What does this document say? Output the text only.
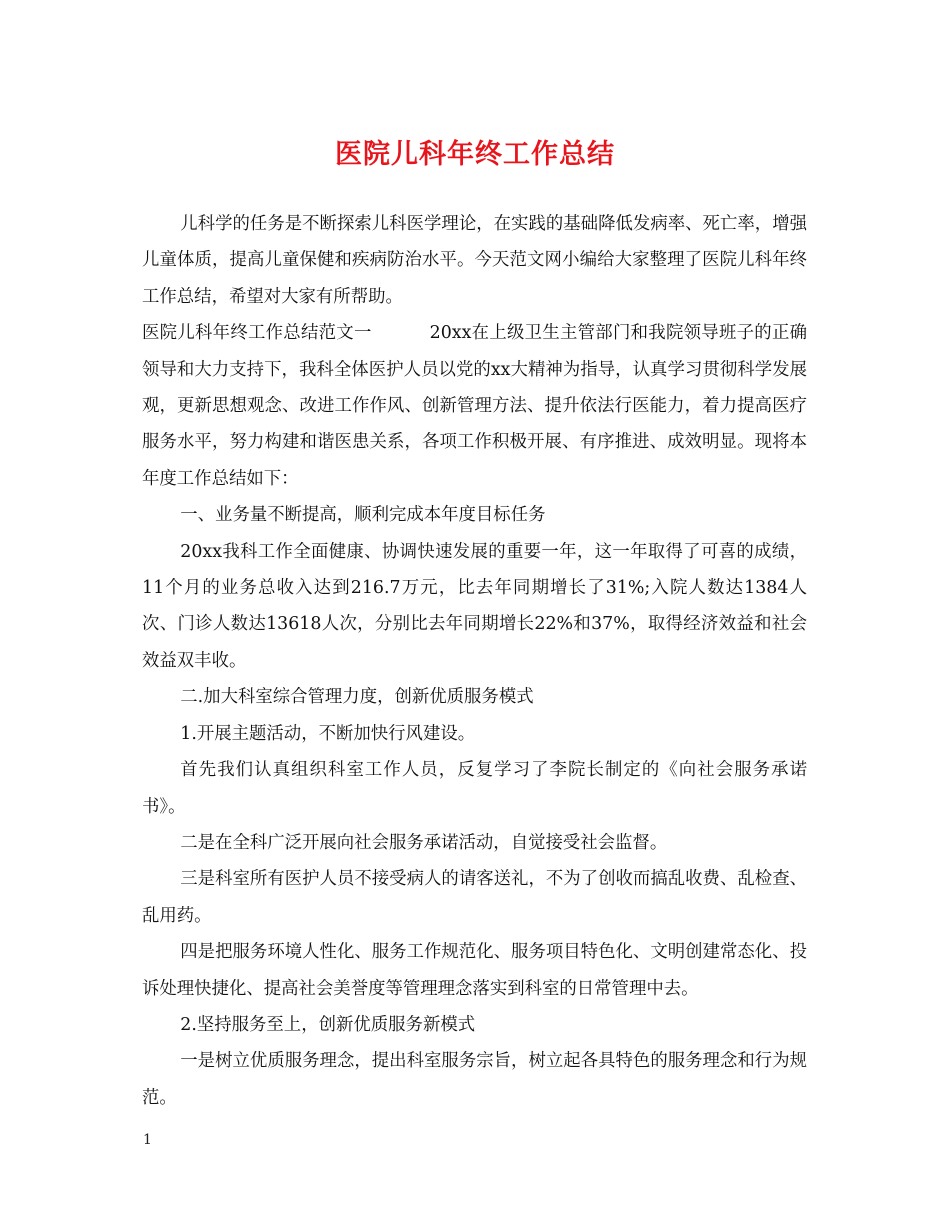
医院儿科年终工作总结

儿科学的任务是不断探索儿科医学理论，在实践的基础降低发病率、死亡率，增强儿童体质，提高儿童保健和疾病防治水平。今天范文网小编给大家整理了医院儿科年终工作总结，希望对大家有所帮助。

医院儿科年终工作总结范文一	20xx在上级卫生主管部门和我院领导班子的正确领导和大力支持下，我科全体医护人员以党的xx大精神为指导，认真学习贯彻科学发展观，更新思想观念、改进工作作风、创新管理方法、提升依法行医能力，着力提高医疗服务水平，努力构建和谐医患关系，各项工作积极开展、有序推进、成效明显。现将本年度工作总结如下：

一、业务量不断提高，顺利完成本年度目标任务

20xx我科工作全面健康、协调快速发展的重要一年，这一年取得了可喜的成绩，11个月的业务总收入达到216.7万元，比去年同期增长了31%;入院人数达1384人次、门诊人数达13618人次，分别比去年同期增长22%和37%，取得经济效益和社会效益双丰收。

二.加大科室综合管理力度，创新优质服务模式

1.开展主题活动，不断加快行风建设。

首先我们认真组织科室工作人员，反复学习了李院长制定的《向社会服务承诺书》。

二是在全科广泛开展向社会服务承诺活动，自觉接受社会监督。

三是科室所有医护人员不接受病人的请客送礼，不为了创收而搞乱收费、乱检查、乱用药。

四是把服务环境人性化、服务工作规范化、服务项目特色化、文明创建常态化、投诉处理快捷化、提高社会美誉度等管理理念落实到科室的日常管理中去。

2.坚持服务至上，创新优质服务新模式

一是树立优质服务理念，提出科室服务宗旨，树立起各具特色的服务理念和行为规范。

1
